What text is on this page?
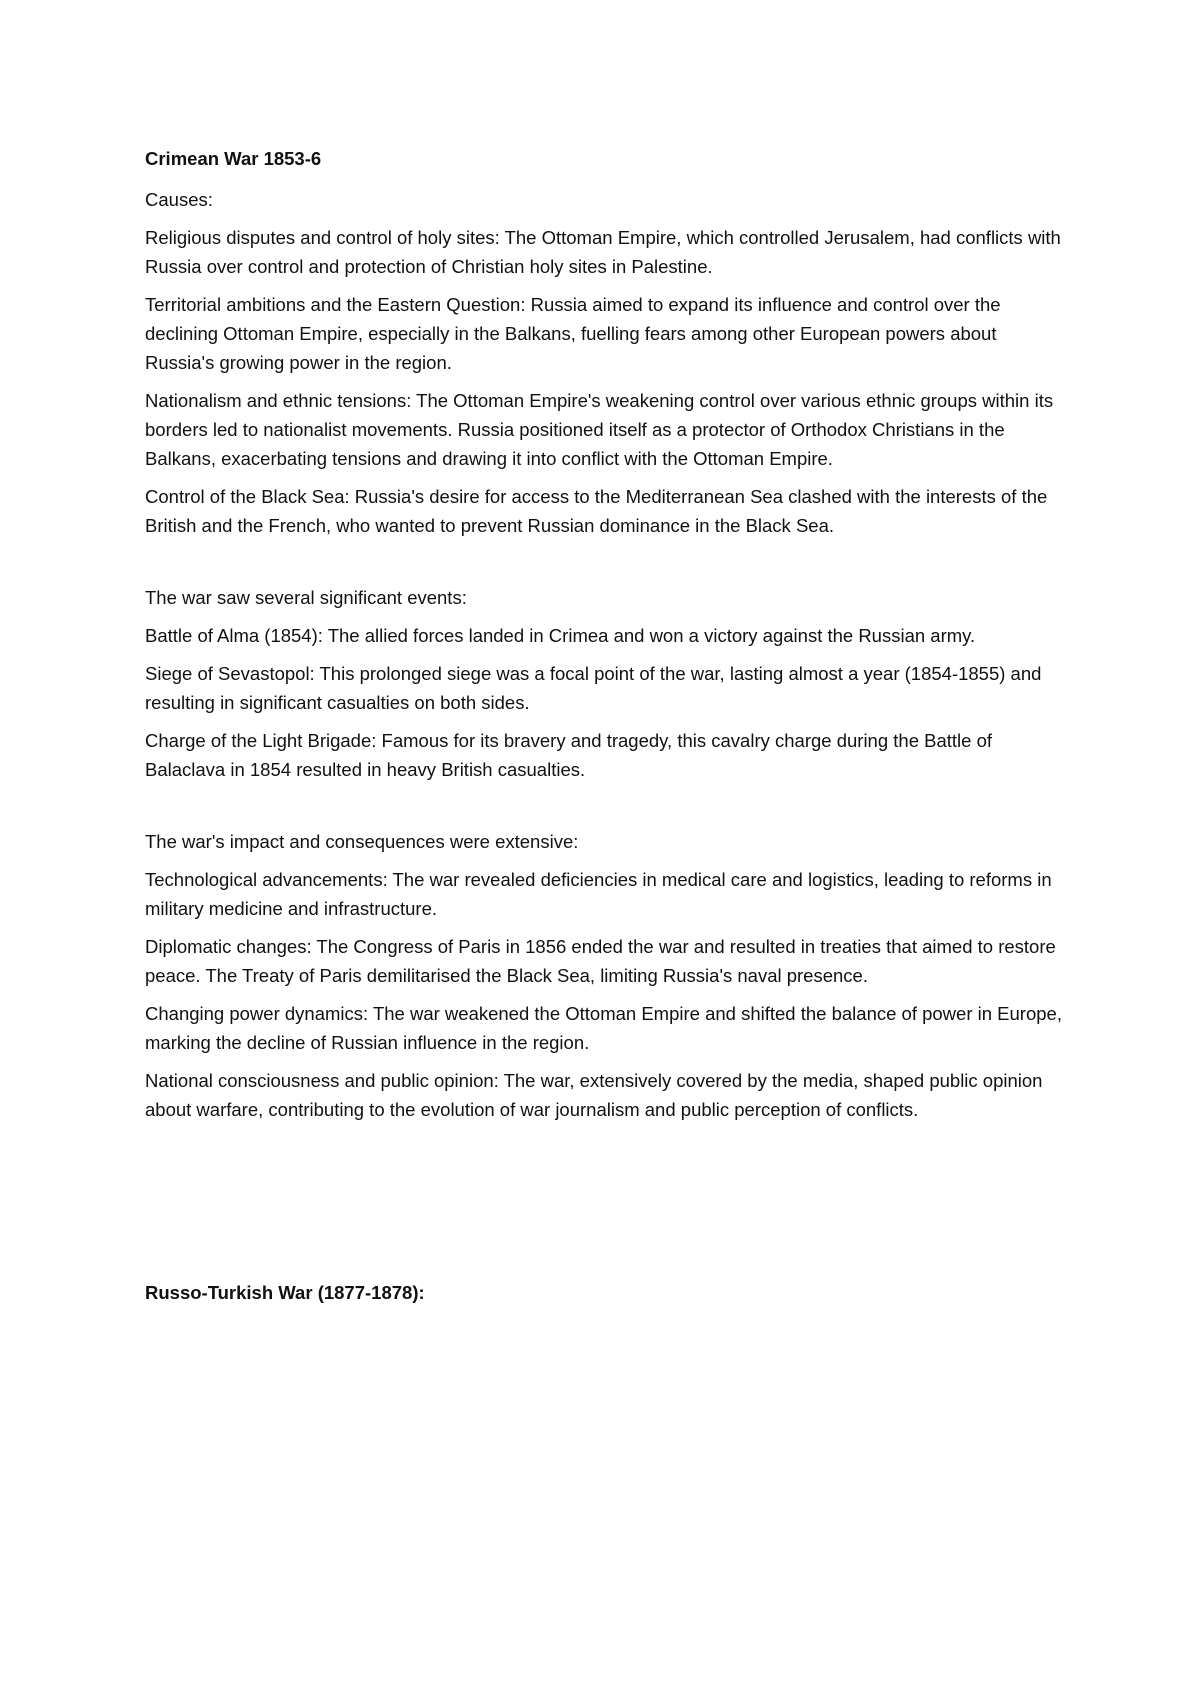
Crimean War 1853-6
Causes:
Religious disputes and control of holy sites: The Ottoman Empire, which controlled Jerusalem, had conflicts with Russia over control and protection of Christian holy sites in Palestine.
Territorial ambitions and the Eastern Question: Russia aimed to expand its influence and control over the declining Ottoman Empire, especially in the Balkans, fuelling fears among other European powers about Russia's growing power in the region.
Nationalism and ethnic tensions: The Ottoman Empire's weakening control over various ethnic groups within its borders led to nationalist movements. Russia positioned itself as a protector of Orthodox Christians in the Balkans, exacerbating tensions and drawing it into conflict with the Ottoman Empire.
Control of the Black Sea: Russia's desire for access to the Mediterranean Sea clashed with the interests of the British and the French, who wanted to prevent Russian dominance in the Black Sea.
The war saw several significant events:
Battle of Alma (1854): The allied forces landed in Crimea and won a victory against the Russian army.
Siege of Sevastopol: This prolonged siege was a focal point of the war, lasting almost a year (1854-1855) and resulting in significant casualties on both sides.
Charge of the Light Brigade: Famous for its bravery and tragedy, this cavalry charge during the Battle of Balaclava in 1854 resulted in heavy British casualties.
The war's impact and consequences were extensive:
Technological advancements: The war revealed deficiencies in medical care and logistics, leading to reforms in military medicine and infrastructure.
Diplomatic changes: The Congress of Paris in 1856 ended the war and resulted in treaties that aimed to restore peace. The Treaty of Paris demilitarised the Black Sea, limiting Russia's naval presence.
Changing power dynamics: The war weakened the Ottoman Empire and shifted the balance of power in Europe, marking the decline of Russian influence in the region.
National consciousness and public opinion: The war, extensively covered by the media, shaped public opinion about warfare, contributing to the evolution of war journalism and public perception of conflicts.
Russo-Turkish War (1877-1878):
